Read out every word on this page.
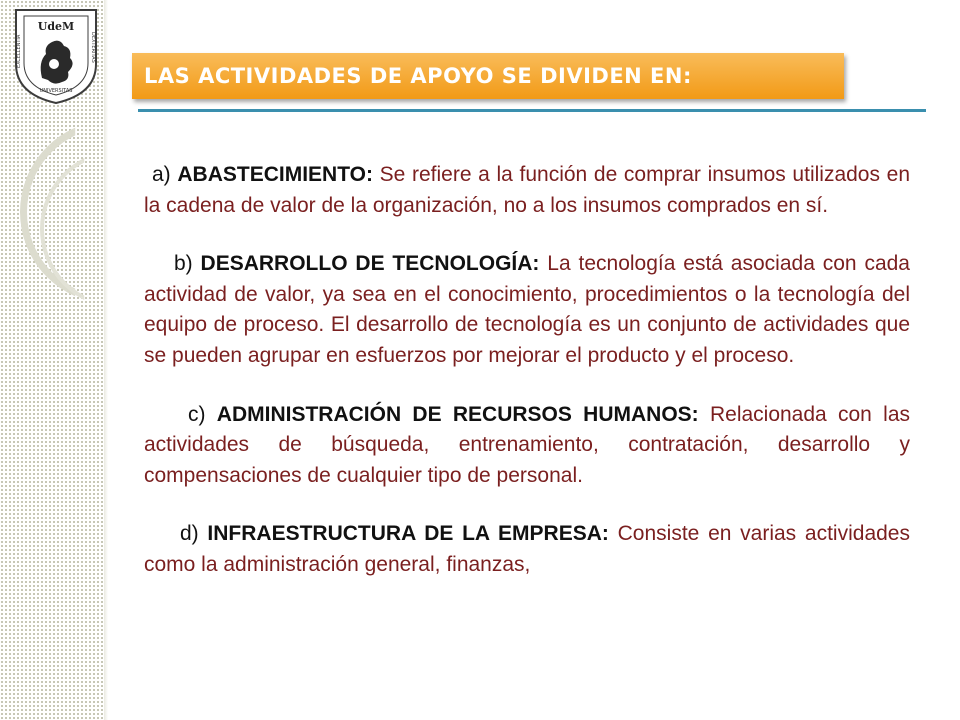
UdeM
EXCELLENTIA	DEXTERITAS
UNIVERSITAS
LAS ACTIVIDADES DE APOYO SE DIVIDEN EN:

a) ABASTECIMIENTO: Se refiere a la función de comprar insumos utilizados en la cadena de valor de la organización, no a los insumos comprados en sí.

b) DESARROLLO DE TECNOLOGÍA: La tecnología está asociada con cada actividad de valor, ya sea en el conocimiento, procedimientos o la tecnología del equipo de proceso. El desarrollo de tecnología es un conjunto de actividades que se pueden agrupar en esfuerzos por mejorar el producto y el proceso.

c) ADMINISTRACIÓN DE RECURSOS HUMANOS: Relacionada con las actividades de búsqueda, entrenamiento, contratación, desarrollo y compensaciones de cualquier tipo de personal.

d) INFRAESTRUCTURA DE LA EMPRESA: Consiste en varias actividades como la administración general, finanzas,
